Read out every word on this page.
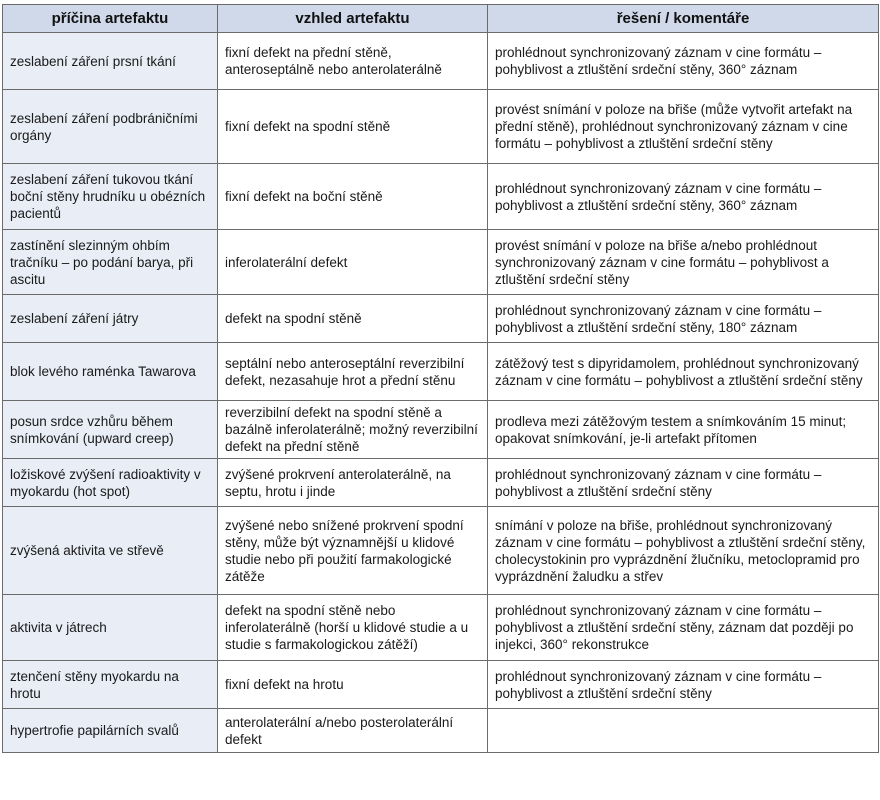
příčina artefaktu	vzhled artefaktu	řešení / komentáře
zeslabení záření prsní tkání	fixní defekt na přední stěně, anteroseptálně nebo anterolaterálně	prohlédnout synchronizovaný záznam v cine formátu – pohyblivost a ztluštění srdeční stěny, 360° záznam
zeslabení záření podbráničními orgány	fixní defekt na spodní stěně	provést snímání v poloze na břiše (může vytvořit artefakt na přední stěně), prohlédnout synchronizovaný záznam v cine formátu – pohyblivost a ztluštění srdeční stěny
zeslabení záření tukovou tkání boční stěny hrudníku u obézních pacientů	fixní defekt na boční stěně	prohlédnout synchronizovaný záznam v cine formátu – pohyblivost a ztluštění srdeční stěny, 360° záznam
zastínění slezinným ohbím tračníku – po podání barya, při ascitu	inferolaterální defekt	provést snímání v poloze na břiše a/nebo prohlédnout synchronizovaný záznam v cine formátu – pohyblivost a ztluštění srdeční stěny
zeslabení záření játry	defekt na spodní stěně	prohlédnout synchronizovaný záznam v cine formátu – pohyblivost a ztluštění srdeční stěny, 180° záznam
blok levého raménka Tawarova	septální nebo anteroseptální reverzibilní defekt, nezasahuje hrot a přední stěnu	zátěžový test s dipyridamolem, prohlédnout synchronizovaný záznam v cine formátu – pohyblivost a ztluštění srdeční stěny
posun srdce vzhůru během snímkování (upward creep)	reverzibilní defekt na spodní stěně a bazálně inferolaterálně; možný reverzibilní defekt na přední stěně	prodleva mezi zátěžovým testem a snímkováním 15 minut; opakovat snímkování, je-li artefakt přítomen
ložiskové zvýšení radioaktivity v myokardu (hot spot)	zvýšené prokrvení anterolaterálně, na septu, hrotu i jinde	prohlédnout synchronizovaný záznam v cine formátu – pohyblivost a ztluštění srdeční stěny
zvýšená aktivita ve střevě	zvýšené nebo snížené prokrvení spodní stěny, může být významnější u klidové studie nebo při použití farmakologické zátěže	snímání v poloze na břiše, prohlédnout synchronizovaný záznam v cine formátu – pohyblivost a ztluštění srdeční stěny, cholecystokinin pro vyprázdnění žlučníku, metoclopramid pro vyprázdnění žaludku a střev
aktivita v játrech	defekt na spodní stěně nebo inferolaterálně (horší u klidové studie a u studie s farmakologickou zátěží)	prohlédnout synchronizovaný záznam v cine formátu – pohyblivost a ztluštění srdeční stěny, záznam dat později po injekci, 360° rekonstrukce
ztenčení stěny myokardu na hrotu	fixní defekt na hrotu	prohlédnout synchronizovaný záznam v cine formátu – pohyblivost a ztluštění srdeční stěny
hypertrofie papilárních svalů	anterolaterální a/nebo posterolaterální defekt	
